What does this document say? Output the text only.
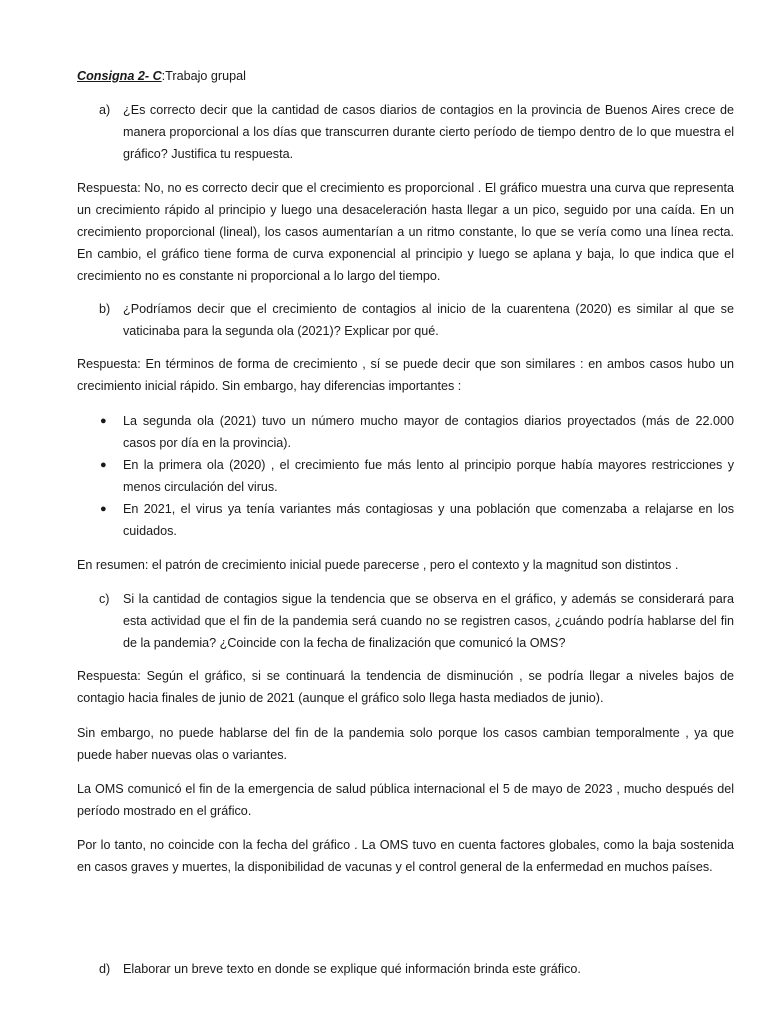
Consigna 2- C:Trabajo grupal
a) ¿Es correcto decir que la cantidad de casos diarios de contagios en la provincia de Buenos Aires crece de manera proporcional a los días que transcurren durante cierto período de tiempo dentro de lo que muestra el gráfico? Justifica tu respuesta.
Respuesta: No, no es correcto decir que el crecimiento es proporcional . El gráfico muestra una curva que representa un crecimiento rápido al principio y luego una desaceleración hasta llegar a un pico, seguido por una caída. En un crecimiento proporcional (lineal), los casos aumentarían a un ritmo constante, lo que se vería como una línea recta. En cambio, el gráfico tiene forma de curva exponencial al principio y luego se aplana y baja, lo que indica que el crecimiento no es constante ni proporcional a lo largo del tiempo.
b) ¿Podríamos decir que el crecimiento de contagios al inicio de la cuarentena (2020) es similar al que se vaticinaba para la segunda ola (2021)? Explicar por qué.
Respuesta: En términos de forma de crecimiento , sí se puede decir que son similares : en ambos casos hubo un crecimiento inicial rápido. Sin embargo, hay diferencias importantes :
● La segunda ola (2021) tuvo un número mucho mayor de contagios diarios proyectados (más de 22.000 casos por día en la provincia).
● En la primera ola (2020) , el crecimiento fue más lento al principio porque había mayores restricciones y menos circulación del virus.
● En 2021, el virus ya tenía variantes más contagiosas y una población que comenzaba a relajarse en los cuidados.
En resumen: el patrón de crecimiento inicial puede parecerse , pero el contexto y la magnitud son distintos .
c) Si la cantidad de contagios sigue la tendencia que se observa en el gráfico, y además se considerará para esta actividad que el fin de la pandemia será cuando no se registren casos, ¿cuándo podría hablarse del fin de la pandemia? ¿Coincide con la fecha de finalización que comunicó la OMS?
Respuesta: Según el gráfico, si se continuará la tendencia de disminución , se podría llegar a niveles bajos de contagio hacia finales de junio de 2021 (aunque el gráfico solo llega hasta mediados de junio).
Sin embargo, no puede hablarse del fin de la pandemia solo porque los casos cambian temporalmente , ya que puede haber nuevas olas o variantes.
La OMS comunicó el fin de la emergencia de salud pública internacional el 5 de mayo de 2023 , mucho después del período mostrado en el gráfico.
Por lo tanto, no coincide con la fecha del gráfico . La OMS tuvo en cuenta factores globales, como la baja sostenida en casos graves y muertes, la disponibilidad de vacunas y el control general de la enfermedad en muchos países.
d) Elaborar un breve texto en donde se explique qué información brinda este gráfico.
